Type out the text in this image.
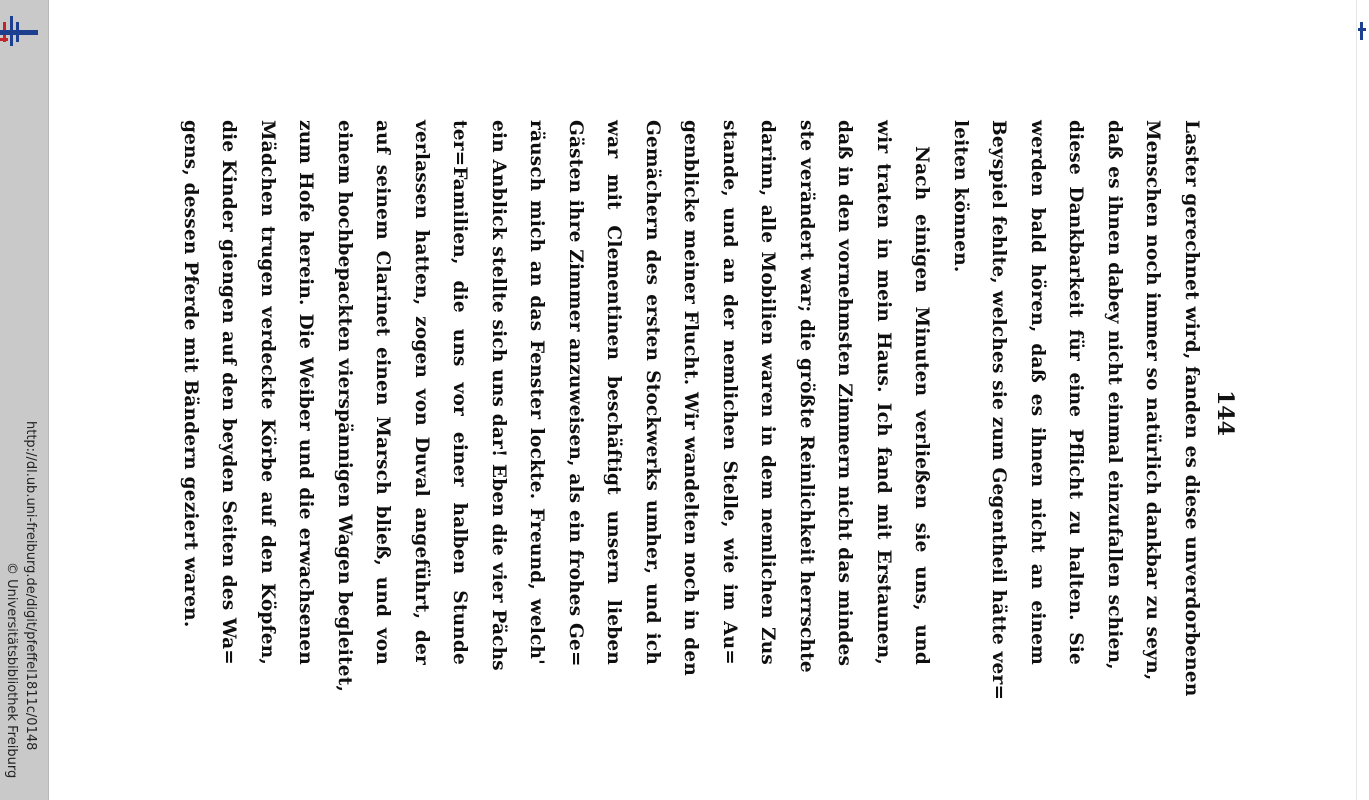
http://dl.ub.uni-freiburg.de/digit/pfeffel1811c/0148
© Universitätsbibliothek Freiburg
144
Laster gerechnet wird, fanden es diese unverdorbenen
Menschen noch immer so natürlich dankbar zu seyn,
daß es ihnen dabey nicht einmal einzufallen schien,
diese Dankbarkeit für eine Pflicht zu halten. Sie
werden bald hören, daß es ihnen nicht an einem
Beyspiel fehlte, welches sie zum Gegentheil hätte ver=
leiten können.
Nach einigen Minuten verließen sie uns, und
wir traten in mein Haus. Ich fand mit Erstaunen,
daß in den vornehmsten Zimmern nicht das mindes
ste verändert war; die größte Reinlichkeit herrschte
darinn, alle Mobilien waren in dem nemlichen Zus
stande, und an der nemlichen Stelle, wie im Au=
genblicke meiner Flucht. Wir wandelten noch in den
Gemächern des ersten Stockwerks umher, und ich
war mit Clementinen beschäftigt unsern lieben
Gästen ihre Zimmer anzuweisen, als ein frohes Ge=
räusch mich an das Fenster lockte. Freund, welch'
ein Anblick stellte sich uns dar! Eben die vier Pächs
ter=Familien, die uns vor einer halben Stunde
verlassen hatten, zogen von Duval angeführt, der
auf seinem Clarinet einen Marsch bließ, und von
einem hochbepackten vierspännigen Wagen begleitet,
zum Hofe herein. Die Weiber und die erwachsenen
Mädchen trugen verdeckte Körbe auf den Köpfen,
die Kinder giengen auf den beyden Seiten des Wa=
gens, dessen Pferde mit Bändern geziert waren.
